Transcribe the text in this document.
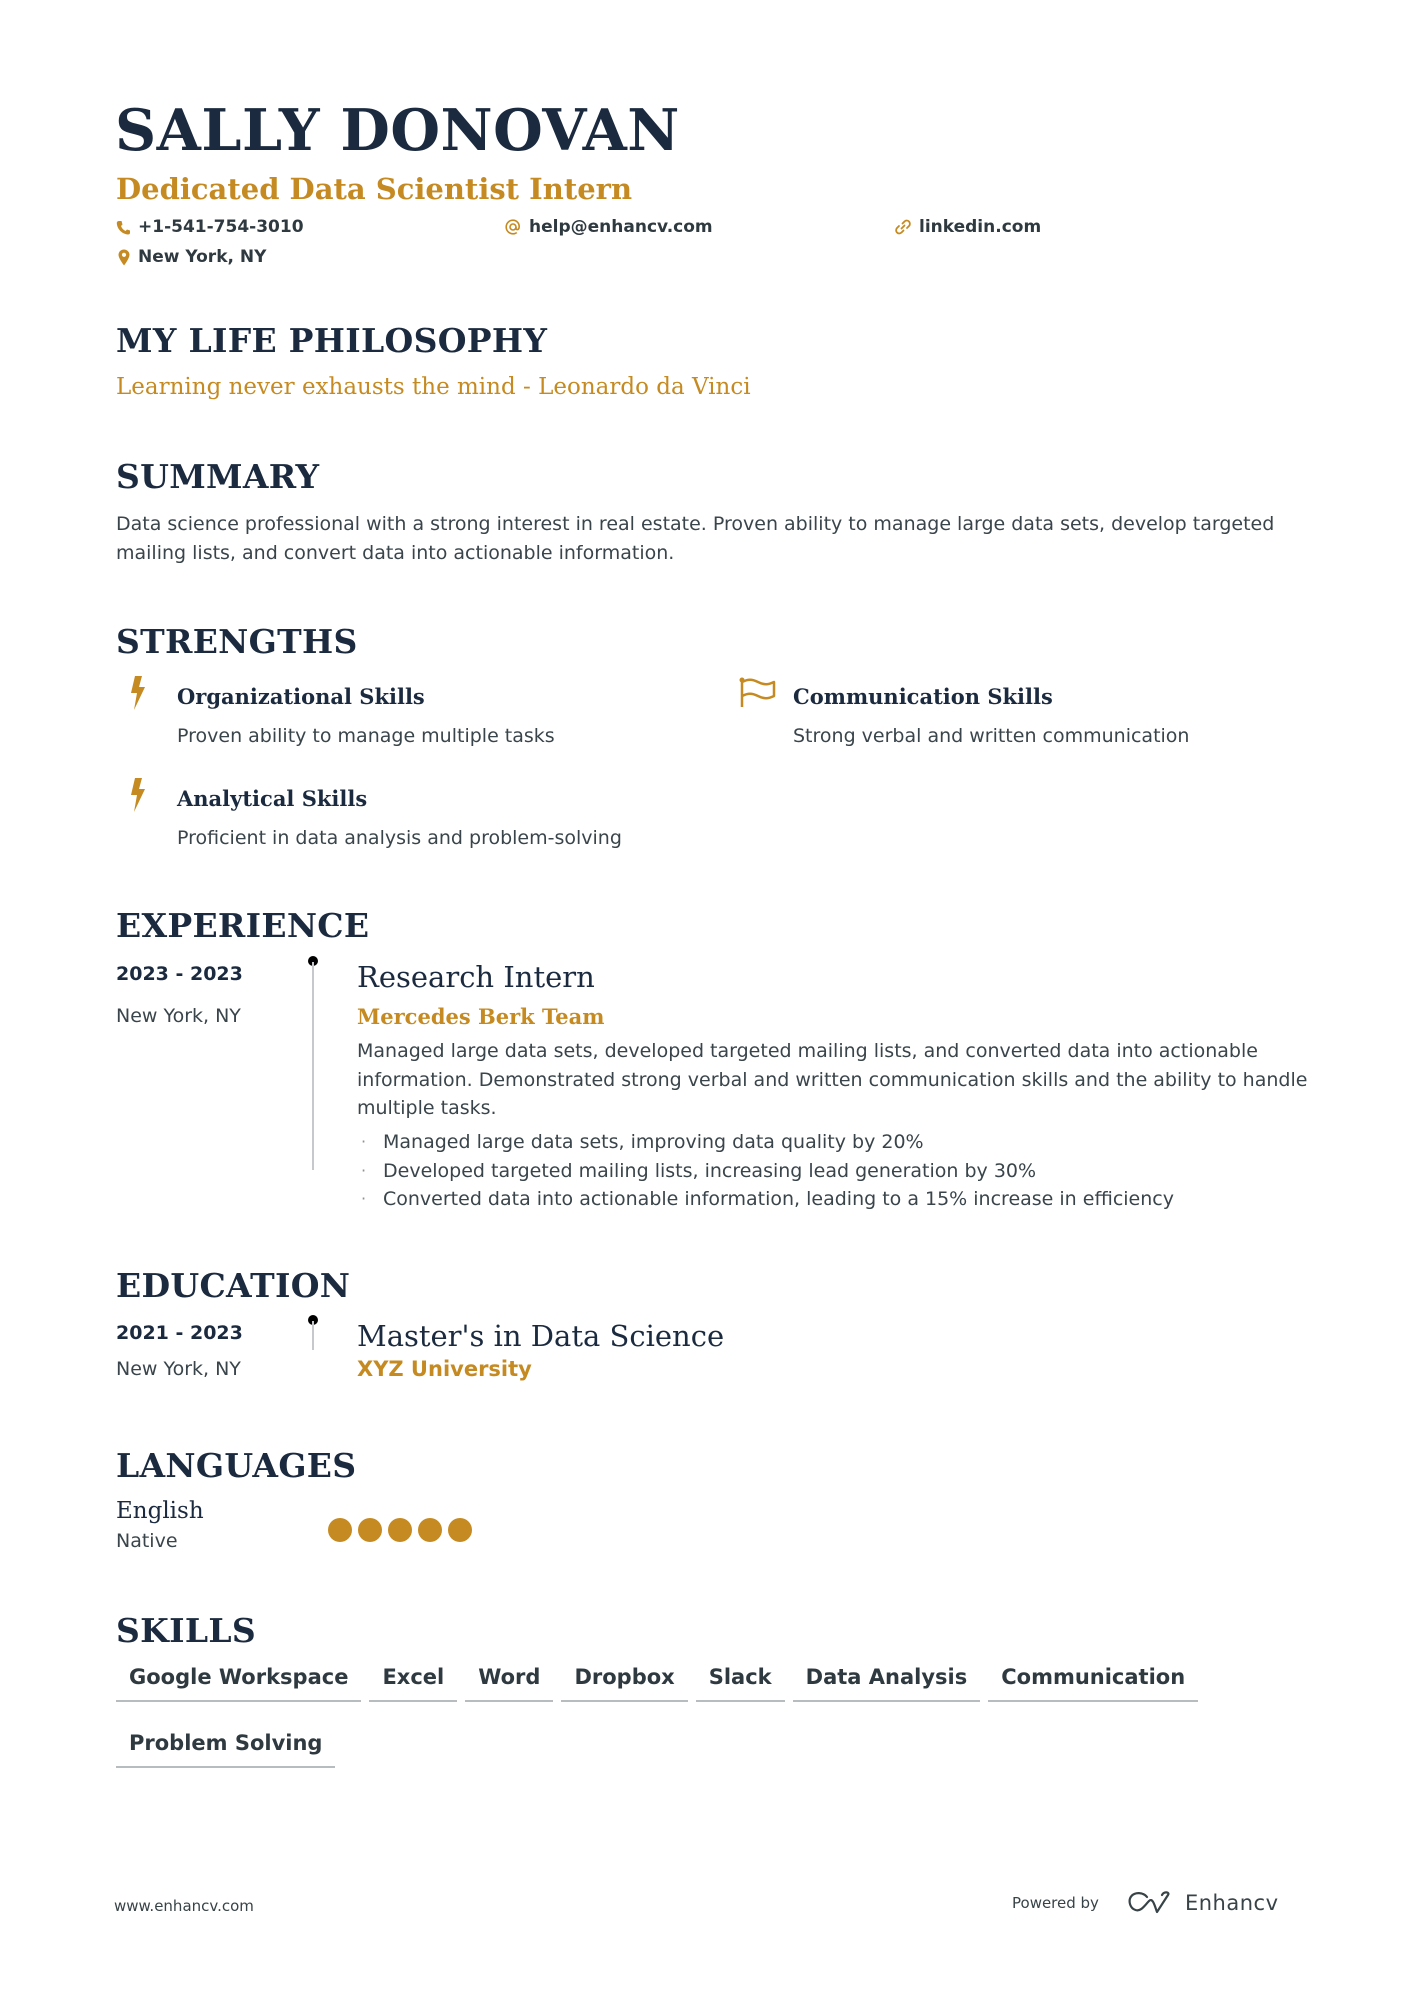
SALLY DONOVAN
Dedicated Data Scientist Intern
+1-541-754-3010	help@enhancv.com	linkedin.com
New York, NY
MY LIFE PHILOSOPHY
Learning never exhausts the mind - Leonardo da Vinci
SUMMARY
Data science professional with a strong interest in real estate. Proven ability to manage large data sets, develop targeted mailing lists, and convert data into actionable information.
STRENGTHS
Organizational Skills
Proven ability to manage multiple tasks
Communication Skills
Strong verbal and written communication
Analytical Skills
Proficient in data analysis and problem-solving
EXPERIENCE
2023 - 2023
New York, NY
Research Intern
Mercedes Berk Team
Managed large data sets, developed targeted mailing lists, and converted data into actionable information. Demonstrated strong verbal and written communication skills and the ability to handle multiple tasks.
· Managed large data sets, improving data quality by 20%
· Developed targeted mailing lists, increasing lead generation by 30%
· Converted data into actionable information, leading to a 15% increase in efficiency
EDUCATION
2021 - 2023
New York, NY
Master's in Data Science
XYZ University
LANGUAGES
English
Native
SKILLS
Google Workspace	Excel	Word	Dropbox	Slack	Data Analysis	Communication
Problem Solving
www.enhancv.com	Powered by	Enhancv
